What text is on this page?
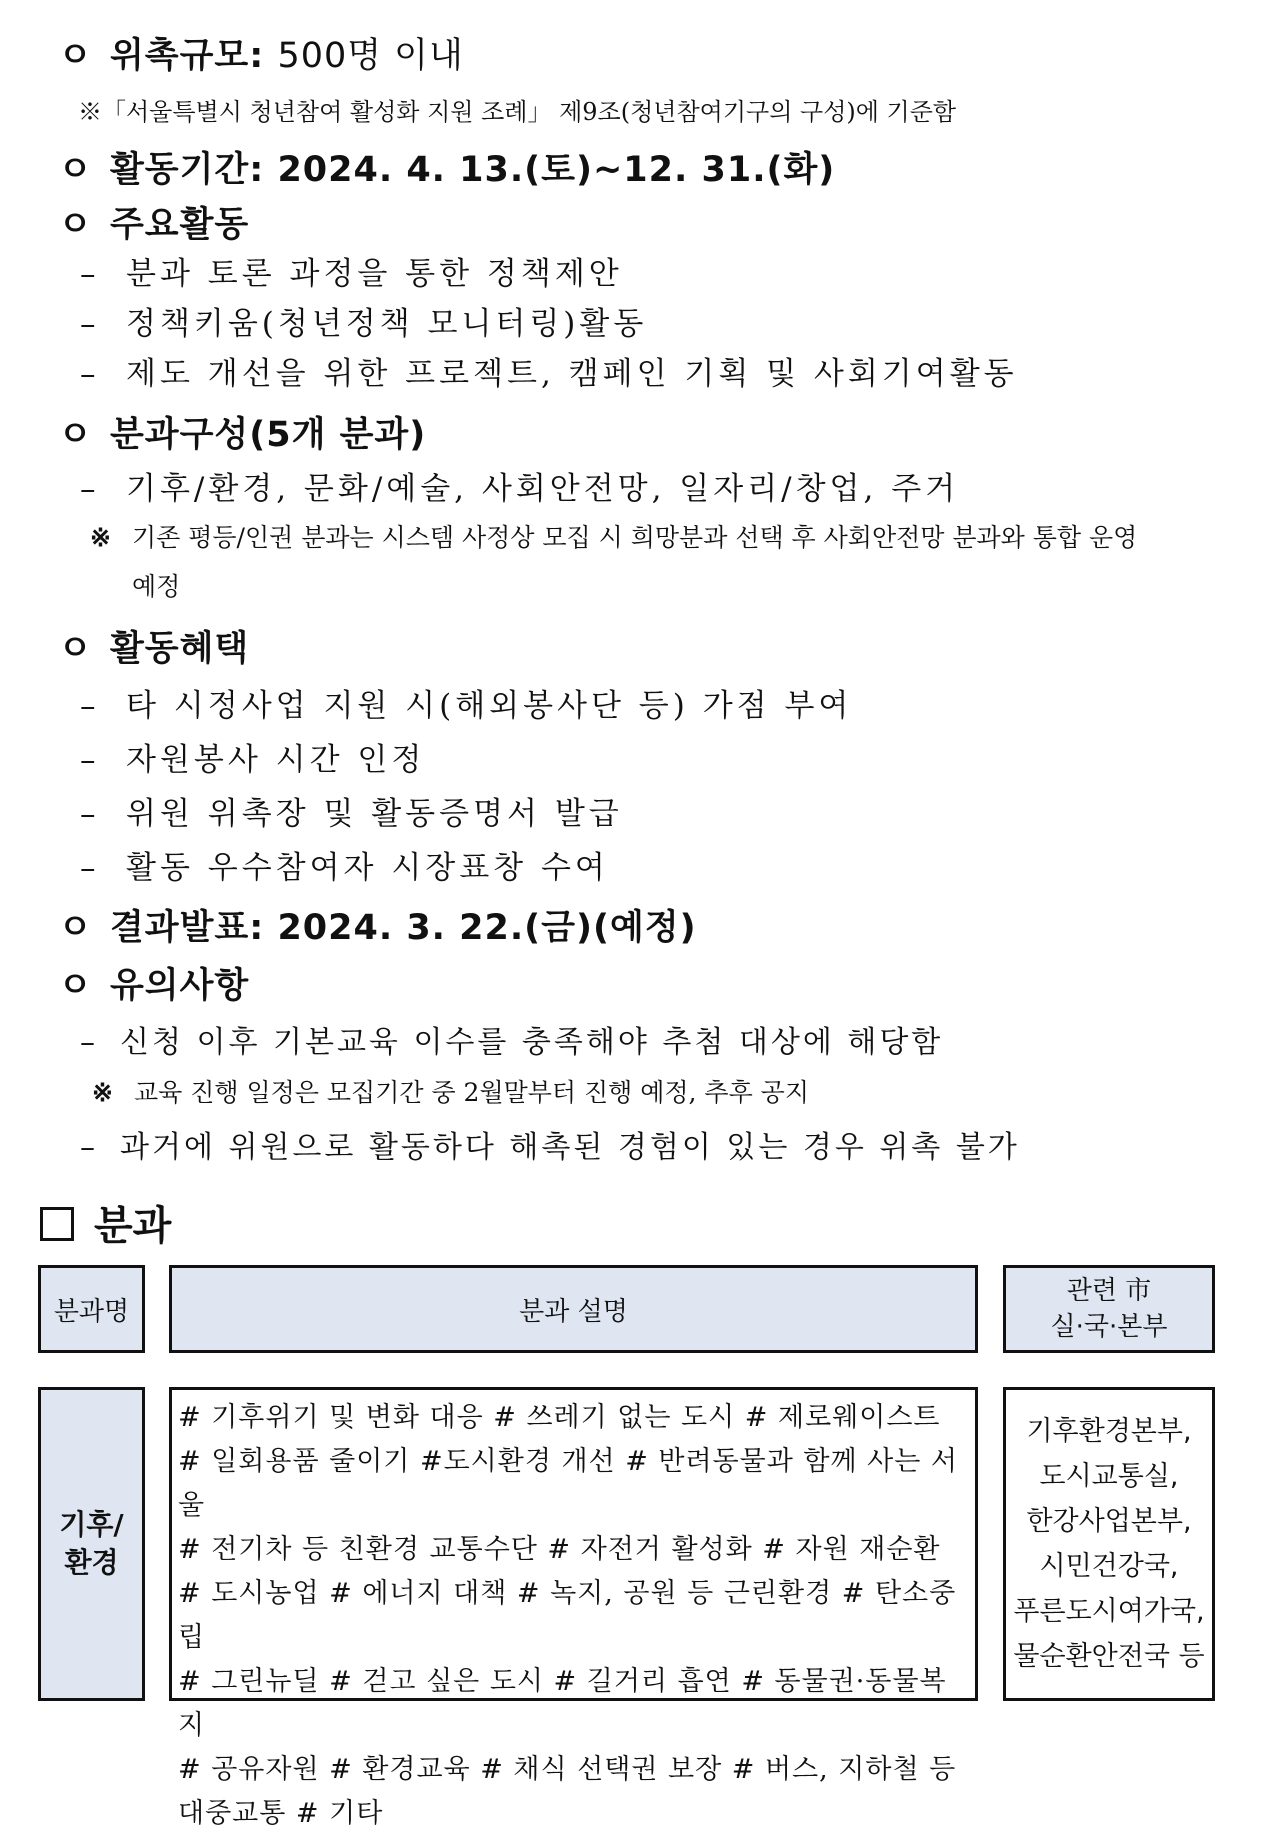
ㅇ 위촉규모: 500명 이내
※「서울특별시 청년참여 활성화 지원 조례」 제9조(청년참여기구의 구성)에 기준함
ㅇ 활동기간: 2024. 4. 13.(토)~12. 31.(화)
ㅇ 주요활동
– 분과 토론 과정을 통한 정책제안
– 정책키움(청년정책 모니터링)활동
– 제도 개선을 위한 프로젝트, 캠페인 기획 및 사회기여활동
ㅇ 분과구성(5개 분과)
– 기후/환경, 문화/예술, 사회안전망, 일자리/창업, 주거
※ 기존 평등/인권 분과는 시스템 사정상 모집 시 희망분과 선택 후 사회안전망 분과와 통합 운영
예정
ㅇ 활동혜택
– 타 시정사업 지원 시(해외봉사단 등) 가점 부여
– 자원봉사 시간 인정
– 위원 위촉장 및 활동증명서 발급
– 활동 우수참여자 시장표창 수여
ㅇ 결과발표: 2024. 3. 22.(금)(예정)
ㅇ 유의사항
– 신청 이후 기본교육 이수를 충족해야 추첨 대상에 해당함
※ 교육 진행 일정은 모집기간 중 2월말부터 진행 예정, 추후 공지
– 과거에 위원으로 활동하다 해촉된 경험이 있는 경우 위촉 불가
분과
분과명	분과 설명
관련 市
실·국·본부
기후/
환경
# 기후위기 및 변화 대응 # 쓰레기 없는 도시 # 제로웨이스트
# 일회용품 줄이기 #도시환경 개선 # 반려동물과 함께 사는 서울
# 전기차 등 친환경 교통수단 # 자전거 활성화 # 자원 재순환
# 도시농업 # 에너지 대책 # 녹지, 공원 등 근린환경 # 탄소중립
# 그린뉴딜 # 걷고 싶은 도시 # 길거리 흡연 # 동물권·동물복지
# 공유자원 # 환경교육 # 채식 선택권 보장 # 버스, 지하철 등
대중교통 # 기타
기후환경본부,
도시교통실,
한강사업본부,
시민건강국,
푸른도시여가국,
물순환안전국 등
